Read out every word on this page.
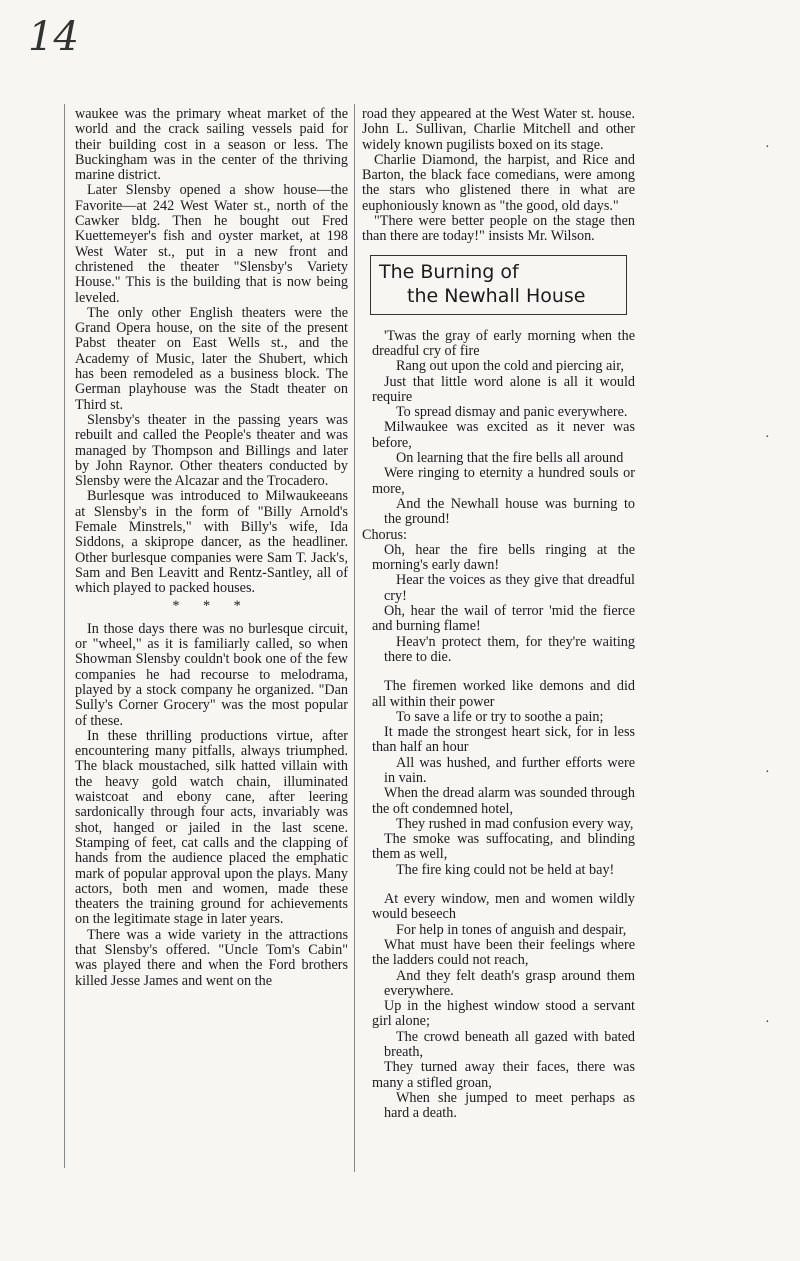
14

waukee was the primary wheat market of the world and the crack sailing vessels paid for their building cost in a season or less. The Buckingham was in the center of the thriving marine district.

Later Slensby opened a show house—the Favorite—at 242 West Water st., north of the Cawker bldg. Then he bought out Fred Kuettemeyer's fish and oyster market, at 198 West Water st., put in a new front and christened the theater "Slensby's Variety House." This is the building that is now being leveled.

The only other English theaters were the Grand Opera house, on the site of the present Pabst theater on East Wells st., and the Academy of Music, later the Shubert, which has been remodeled as a business block. The German playhouse was the Stadt theater on Third st.

Slensby's theater in the passing years was rebuilt and called the People's theater and was managed by Thompson and Billings and later by John Raynor. Other theaters conducted by Slensby were the Alcazar and the Trocadero.

Burlesque was introduced to Milwaukeeans at Slensby's in the form of "Billy Arnold's Female Minstrels," with Billy's wife, Ida Siddons, a skiprope dancer, as the headliner. Other burlesque companies were Sam T. Jack's, Sam and Ben Leavitt and Rentz-Santley, all of which played to packed houses.

* * *

In those days there was no burlesque circuit, or "wheel," as it is familiarly called, so when Showman Slensby couldn't book one of the few companies he had recourse to melodrama, played by a stock company he organized. "Dan Sully's Corner Grocery" was the most popular of these.

In these thrilling productions virtue, after encountering many pitfalls, always triumphed. The black moustached, silk hatted villain with the heavy gold watch chain, illuminated waistcoat and ebony cane, after leering sardonically through four acts, invariably was shot, hanged or jailed in the last scene. Stamping of feet, cat calls and the clapping of hands from the audience placed the emphatic mark of popular approval upon the plays. Many actors, both men and women, made these theaters the training ground for achievements on the legitimate stage in later years.

There was a wide variety in the attractions that Slensby's offered. "Uncle Tom's Cabin" was played there and when the Ford brothers killed Jesse James and went on the

road they appeared at the West Water st. house. John L. Sullivan, Charlie Mitchell and other widely known pugilists boxed on its stage.

Charlie Diamond, the harpist, and Rice and Barton, the black face comedians, were among the stars who glistened there in what are euphoniously known as "the good, old days."

"There were better people on the stage then than there are today!" insists Mr. Wilson.

The Burning of
the Newhall House

'Twas the gray of early morning when the dreadful cry of fire

Rang out upon the cold and piercing air,

Just that little word alone is all it would require

To spread dismay and panic everywhere.

Milwaukee was excited as it never was before,

On learning that the fire bells all around

Were ringing to eternity a hundred souls or more,

And the Newhall house was burning to the ground!

Chorus:

Oh, hear the fire bells ringing at the morning's early dawn!

Hear the voices as they give that dreadful cry!

Oh, hear the wail of terror 'mid the fierce and burning flame!

Heav'n protect them, for they're waiting there to die.

The firemen worked like demons and did all within their power

To save a life or try to soothe a pain;

It made the strongest heart sick, for in less than half an hour

All was hushed, and further efforts were in vain.

When the dread alarm was sounded through the oft condemned hotel,

They rushed in mad confusion every way,

The smoke was suffocating, and blinding them as well,

The fire king could not be held at bay!

At every window, men and women wildly would beseech

For help in tones of anguish and despair,

What must have been their feelings where the ladders could not reach,

And they felt death's grasp around them everywhere.

Up in the highest window stood a servant girl alone;

The crowd beneath all gazed with bated breath,

They turned away their faces, there was many a stifled groan,

When she jumped to meet perhaps as hard a death.

·
·
·
·
